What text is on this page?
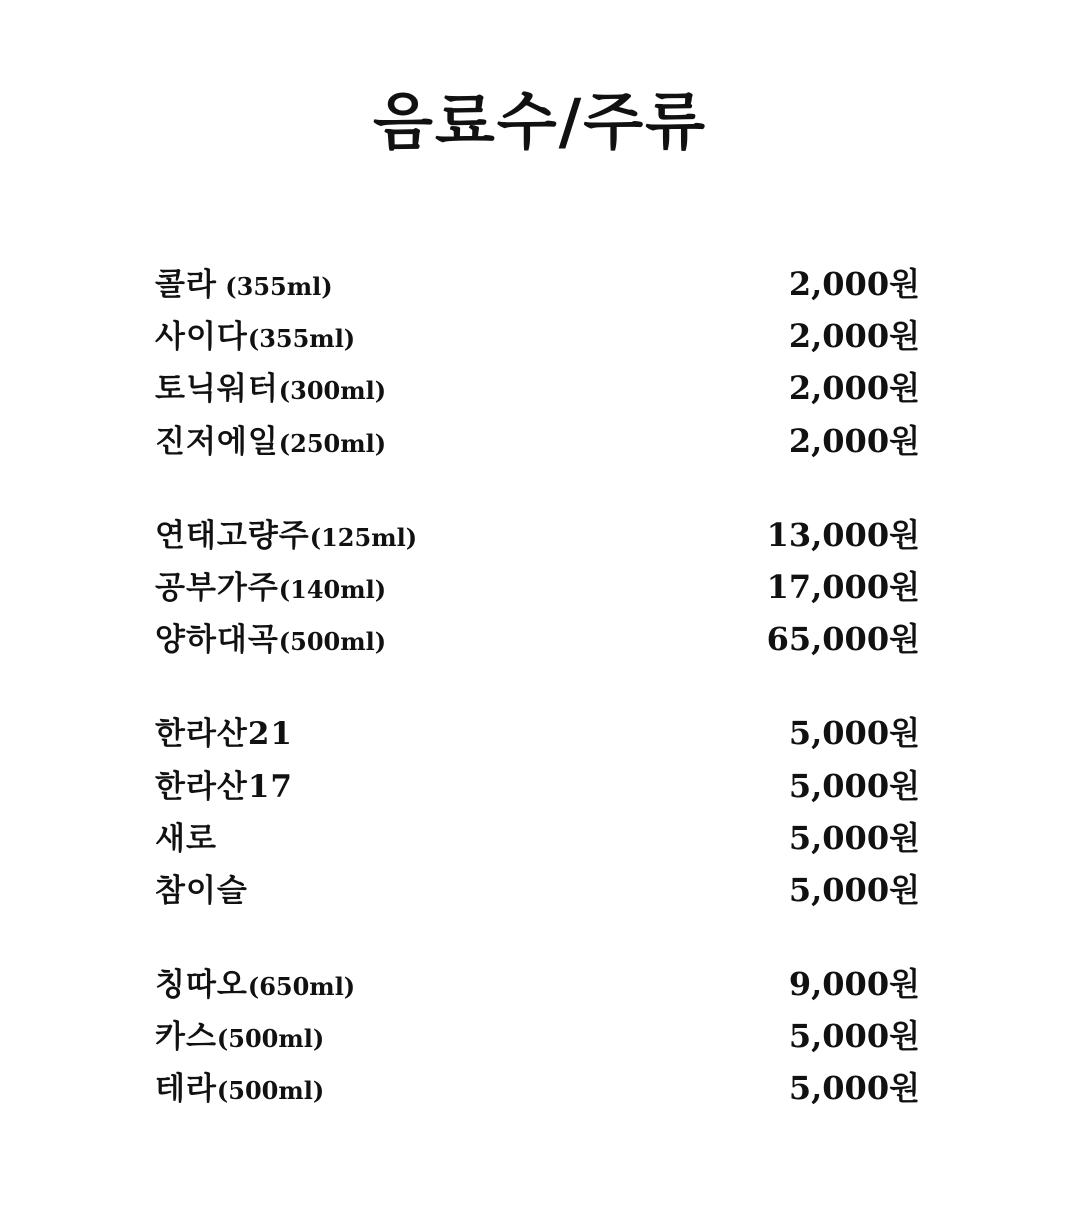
음료수/주류
콜라 (355ml)	2,000원
사이다(355ml)	2,000원
토닉워터(300ml)	2,000원
진저에일(250ml)	2,000원
연태고량주(125ml)	13,000원
공부가주(140ml)	17,000원
양하대곡(500ml)	65,000원
한라산21	5,000원
한라산17	5,000원
새로	5,000원
참이슬	5,000원
칭따오(650ml)	9,000원
카스(500ml)	5,000원
테라(500ml)	5,000원
